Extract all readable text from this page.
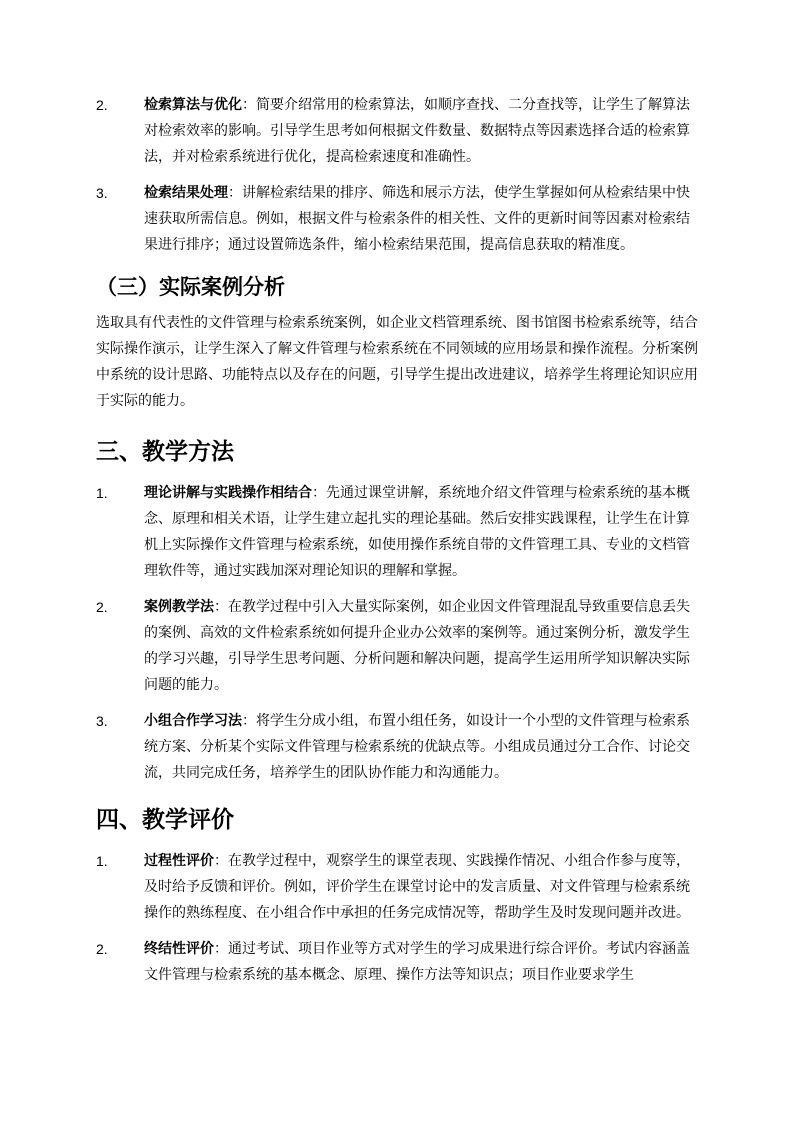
2.	检索算法与优化：简要介绍常用的检索算法，如顺序查找、二分查找等，让学生了解算法对检索效率的影响。引导学生思考如何根据文件数量、数据特点等因素选择合适的检索算法，并对检索系统进行优化，提高检索速度和准确性。
3.	检索结果处理：讲解检索结果的排序、筛选和展示方法，使学生掌握如何从检索结果中快速获取所需信息。例如，根据文件与检索条件的相关性、文件的更新时间等因素对检索结果进行排序；通过设置筛选条件，缩小检索结果范围，提高信息获取的精准度。
（三）实际案例分析

选取具有代表性的文件管理与检索系统案例，如企业文档管理系统、图书馆图书检索系统等，结合实际操作演示，让学生深入了解文件管理与检索系统在不同领域的应用场景和操作流程。分析案例中系统的设计思路、功能特点以及存在的问题，引导学生提出改进建议，培养学生将理论知识应用于实际的能力。

三、教学方法
1.	理论讲解与实践操作相结合：先通过课堂讲解，系统地介绍文件管理与检索系统的基本概念、原理和相关术语，让学生建立起扎实的理论基础。然后安排实践课程，让学生在计算机上实际操作文件管理与检索系统，如使用操作系统自带的文件管理工具、专业的文档管理软件等，通过实践加深对理论知识的理解和掌握。
2.	案例教学法：在教学过程中引入大量实际案例，如企业因文件管理混乱导致重要信息丢失的案例、高效的文件检索系统如何提升企业办公效率的案例等。通过案例分析，激发学生的学习兴趣，引导学生思考问题、分析问题和解决问题，提高学生运用所学知识解决实际问题的能力。
3.	小组合作学习法：将学生分成小组，布置小组任务，如设计一个小型的文件管理与检索系统方案、分析某个实际文件管理与检索系统的优缺点等。小组成员通过分工合作、讨论交流，共同完成任务，培养学生的团队协作能力和沟通能力。
四、教学评价
1.	过程性评价：在教学过程中，观察学生的课堂表现、实践操作情况、小组合作参与度等，及时给予反馈和评价。例如，评价学生在课堂讨论中的发言质量、对文件管理与检索系统操作的熟练程度、在小组合作中承担的任务完成情况等，帮助学生及时发现问题并改进。
2.	终结性评价：通过考试、项目作业等方式对学生的学习成果进行综合评价。考试内容涵盖文件管理与检索系统的基本概念、原理、操作方法等知识点；项目作业要求学生
